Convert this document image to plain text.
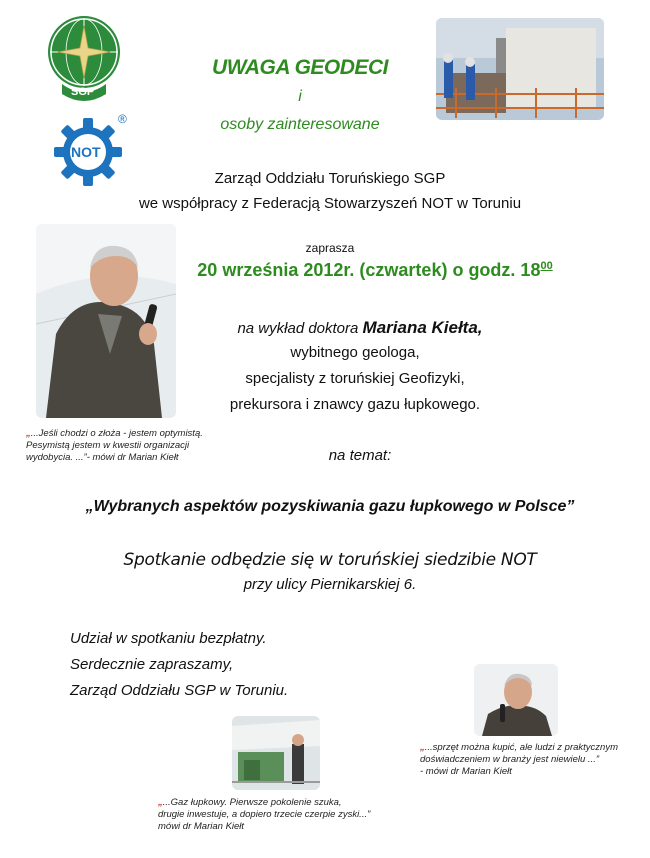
SGP
NOT
®
UWAGA GEODECI
i
osoby zainteresowane
Zarząd Oddziału Toruńskiego SGP
we współpracy z Federacją Stowarzyszeń NOT w Toruniu
zaprasza
20 września 2012r. (czwartek) o godz. $18^{00}$
na wykład doktora Mariana Kiełta,
wybitnego geologa,
specjalisty z toruńskiej Geofizyki,
prekursora i znawcy gazu łupkowego.
„...Jeśli chodzi o złoża - jestem optymistą.
Pesymistą jestem w kwestii organizacji
wydobycia. ...”- mówi dr Marian Kiełt	na temat:
„Wybranych aspektów pozyskiwania gazu łupkowego w Polsce”
Spotkanie odbędzie się w toruńskiej siedzibie NOT
przy ulicy Piernikarskiej 6.
Udział w spotkaniu bezpłatny.
Serdecznie zapraszamy,
Zarząd Oddziału SGP w Toruniu.
„...sprzęt można kupić, ale ludzi z praktycznym
doświadczeniem w branży jest niewielu ...”
- mówi dr Marian Kiełt
„...Gaz łupkowy. Pierwsze pokolenie szuka,
drugie inwestuje, a dopiero trzecie czerpie zyski...”
mówi dr Marian Kiełt
